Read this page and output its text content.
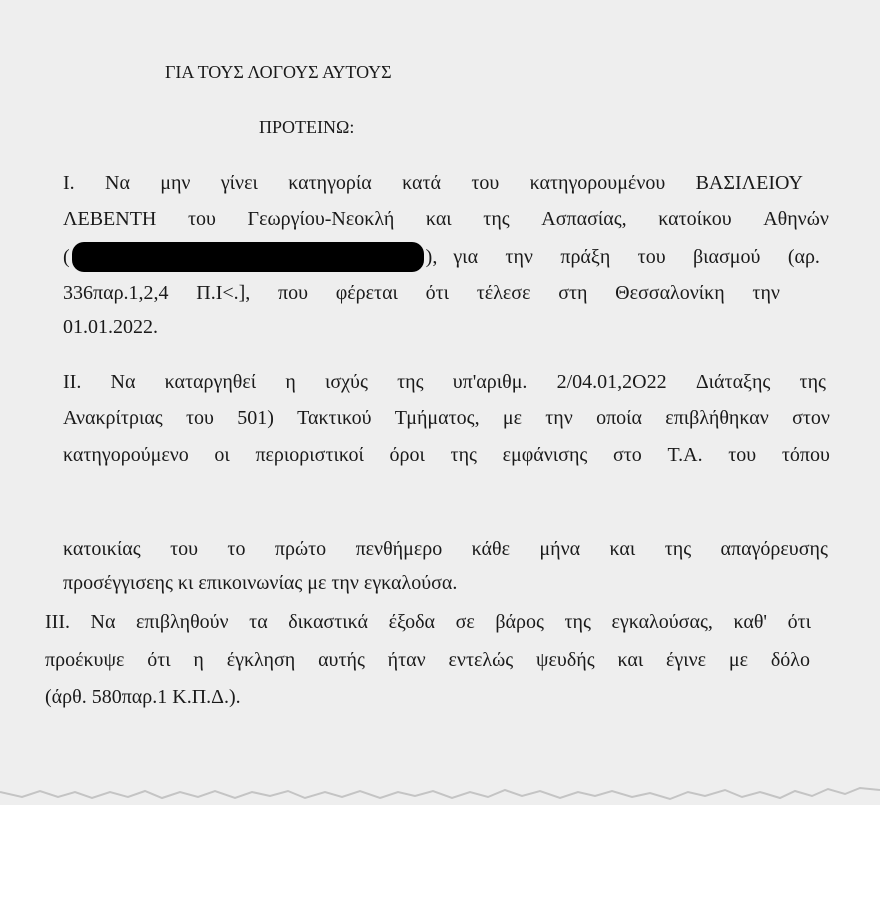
ΓΙΑ ΤΟΥΣ ΛΟΓΟΥΣ ΑΥΤΟΥΣ
ΠΡΟΤΕΙΝΩ:
I. Να μην γίνει κατηγορία κατά του κατηγορουμένου ΒΑΣΙΛΕΙΟΥ
ΛΕΒΕΝΤΗ του Γεωργίου-Νεοκλή και της Ασπασίας, κατοίκου Αθηνών
(	), για την πράξη του βιασμού (αρ.
336παρ.1,2,4 Π.Ι<.], που φέρεται ότι τέλεσε στη Θεσσαλονίκη την
01.01.2022.
II. Να καταργηθεί η ισχύς της υπ'αριθμ. 2/04.01,2Ο22 Διάταξης της
Ανακρίτριας του 501) Τακτικού Τμήματος, με την οποία επιβλήθηκαν στον
κατηγορούμενο οι περιοριστικοί όροι της εμφάνισης στο Τ.Α. του τόπου
κατοικίας του το πρώτο πενθήμερο κάθε μήνα και της απαγόρευσης
προσέγγισεης κι επικοινωνίας με την εγκαλούσα.
III. Να επιβληθούν τα δικαστικά έξοδα σε βάρος της εγκαλούσας, καθ' ότι
προέκυψε ότι η έγκληση αυτής ήταν εντελώς ψευδής και έγινε με δόλο
(άρθ. 580παρ.1 Κ.Π.Δ.).
